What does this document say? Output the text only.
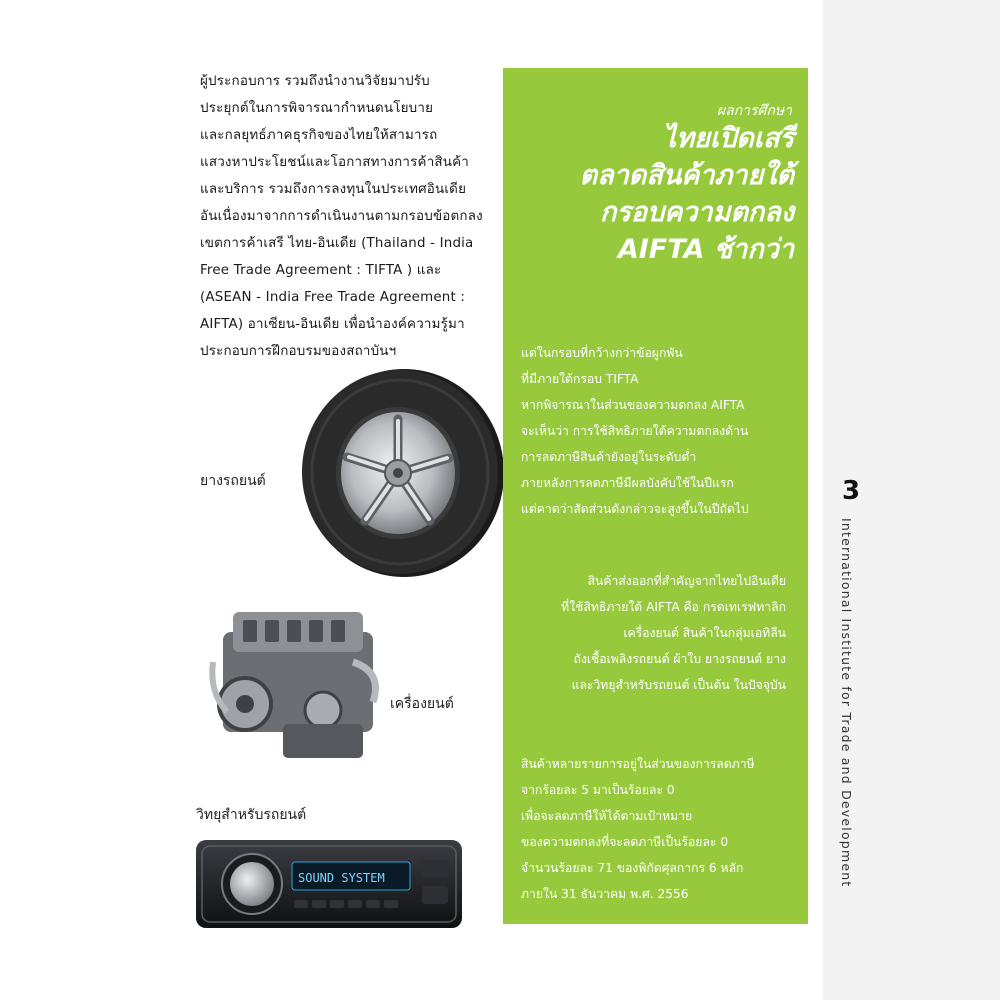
ผู้ประกอบการ รวมถึงนำงานวิจัยมาปรับ

ประยุกต์ในการพิจารณากำหนดนโยบาย

และกลยุทธ์ภาคธุรกิจของไทยให้สามารถ

แสวงหาประโยชน์และโอกาสทางการค้าสินค้า

และบริการ รวมถึงการลงทุนในประเทศอินเดีย

อันเนื่องมาจากการดำเนินงานตามกรอบข้อตกลง

เขตการค้าเสรี ไทย-อินเดีย (Thailand - India

Free Trade Agreement : TIFTA ) และ

(ASEAN - India Free Trade Agreement :

AIFTA) อาเซียน-อินเดีย เพื่อนำองค์ความรู้มา

ประกอบการฝึกอบรมของสถาบันฯ

ยางรถยนต์
เครื่องยนต์
วิทยุสำหรับรถยนต์
SOUND SYSTEM
ผลการศึกษา
ไทยเปิดเสรี
ตลาดสินค้าภายใต้
กรอบความตกลง
AIFTA ช้ากว่า

แต่ในกรอบที่กว้างกว่าข้อผูกพัน

ที่มีภายใต้กรอบ TIFTA

หากพิจารณาในส่วนของความตกลง AIFTA

จะเห็นว่า การใช้สิทธิภายใต้ความตกลงด้าน

การลดภาษีสินค้ายังอยู่ในระดับต่ำ

ภายหลังการลดภาษีมีผลบังคับใช้ในปีแรก

แต่คาดว่าสัดส่วนดังกล่าวจะสูงขึ้นในปีถัดไป

สินค้าส่งออกที่สำคัญจากไทยไปอินเดีย

ที่ใช้สิทธิภายใต้ AIFTA คือ กรดเทเรฟทาลิก

เครื่องยนต์ สินค้าในกลุ่มเอทิลีน

ถังเชื้อเพลิงรถยนต์ ผ้าใบ ยางรถยนต์ ยาง

และวิทยุสำหรับรถยนต์ เป็นต้น ในปัจจุบัน

สินค้าหลายรายการอยู่ในส่วนของการลดภาษี

จากร้อยละ 5 มาเป็นร้อยละ 0

เพื่อจะลดภาษีให้ได้ตามเป้าหมาย

ของความตกลงที่จะลดภาษีเป็นร้อยละ 0

จำนวนร้อยละ 71 ของพิกัดศุลกากร 6 หลัก

ภายใน 31 ธันวาคม พ.ศ. 2556

3
International Institute for Trade and Development
